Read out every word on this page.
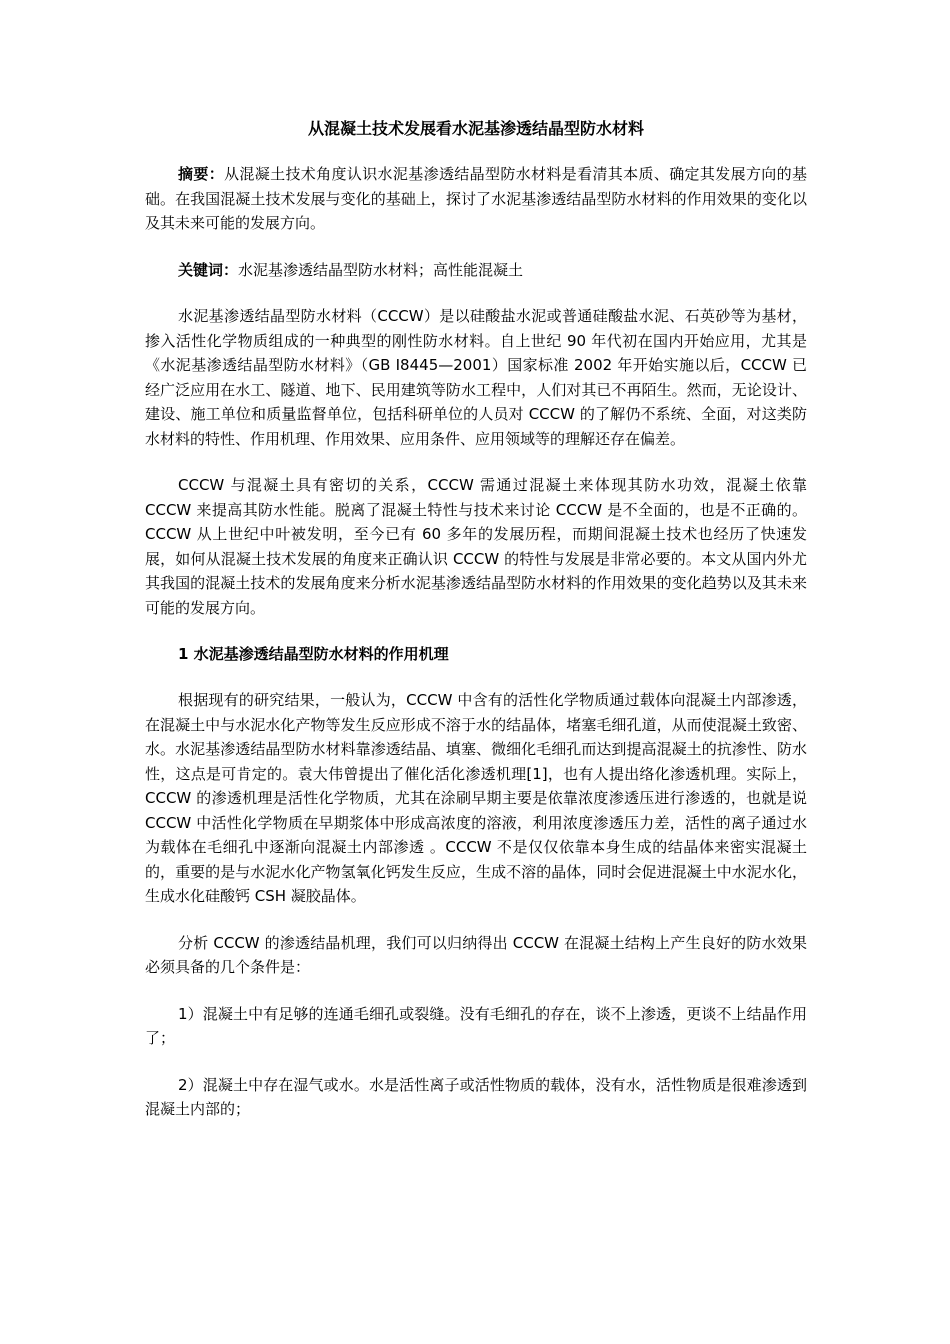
从混凝土技术发展看水泥基渗透结晶型防水材料

摘要：从混凝土技术角度认识水泥基渗透结晶型防水材料是看清其本质、确定其发展方向的基础。在我国混凝土技术发展与变化的基础上，探讨了水泥基渗透结晶型防水材料的作用效果的变化以及其未来可能的发展方向。

关键词：水泥基渗透结晶型防水材料；高性能混凝土

水泥基渗透结晶型防水材料（CCCW）是以硅酸盐水泥或普通硅酸盐水泥、石英砂等为基材，掺入活性化学物质组成的一种典型的刚性防水材料。自上世纪 90 年代初在国内开始应用，尤其是《水泥基渗透结晶型防水材料》（GB I8445—2001）国家标准 2002 年开始实施以后，CCCW 已经广泛应用在水工、隧道、地下、民用建筑等防水工程中，人们对其已不再陌生。然而，无论设计、建设、施工单位和质量监督单位，包括科研单位的人员对 CCCW 的了解仍不系统、全面，对这类防水材料的特性、作用机理、作用效果、应用条件、应用领域等的理解还存在偏差。

CCCW 与混凝土具有密切的关系，CCCW 需通过混凝土来体现其防水功效，混凝土依靠 CCCW 来提高其防水性能。脱离了混凝土特性与技术来讨论 CCCW 是不全面的，也是不正确的。CCCW 从上世纪中叶被发明，至今已有 60 多年的发展历程，而期间混凝土技术也经历了快速发展，如何从混凝土技术发展的角度来正确认识 CCCW 的特性与发展是非常必要的。本文从国内外尤其我国的混凝土技术的发展角度来分析水泥基渗透结晶型防水材料的作用效果的变化趋势以及其未来可能的发展方向。

1 水泥基渗透结晶型防水材料的作用机理

根据现有的研究结果，一般认为，CCCW 中含有的活性化学物质通过载体向混凝土内部渗透，在混凝土中与水泥水化产物等发生反应形成不溶于水的结晶体，堵塞毛细孔道，从而使混凝土致密、水。水泥基渗透结晶型防水材料靠渗透结晶、填塞、微细化毛细孔而达到提高混凝土的抗渗性、防水性，这点是可肯定的。袁大伟曾提出了催化活化渗透机理[1]，也有人提出络化渗透机理。实际上，CCCW 的渗透机理是活性化学物质，尤其在涂刷早期主要是依靠浓度渗透压进行渗透的，也就是说 CCCW 中活性化学物质在早期浆体中形成高浓度的溶液，利用浓度渗透压力差，活性的离子通过水为载体在毛细孔中逐渐向混凝土内部渗透 。CCCW 不是仅仅依靠本身生成的结晶体来密实混凝土的，重要的是与水泥水化产物氢氧化钙发生反应，生成不溶的晶体，同时会促进混凝土中水泥水化，生成水化硅酸钙 CSH 凝胶晶体。

分析 CCCW 的渗透结晶机理，我们可以归纳得出 CCCW 在混凝土结构上产生良好的防水效果必须具备的几个条件是：

1）混凝土中有足够的连通毛细孔或裂缝。没有毛细孔的存在，谈不上渗透，更谈不上结晶作用了；

2）混凝土中存在湿气或水。水是活性离子或活性物质的载体，没有水，活性物质是很难渗透到混凝土内部的；
